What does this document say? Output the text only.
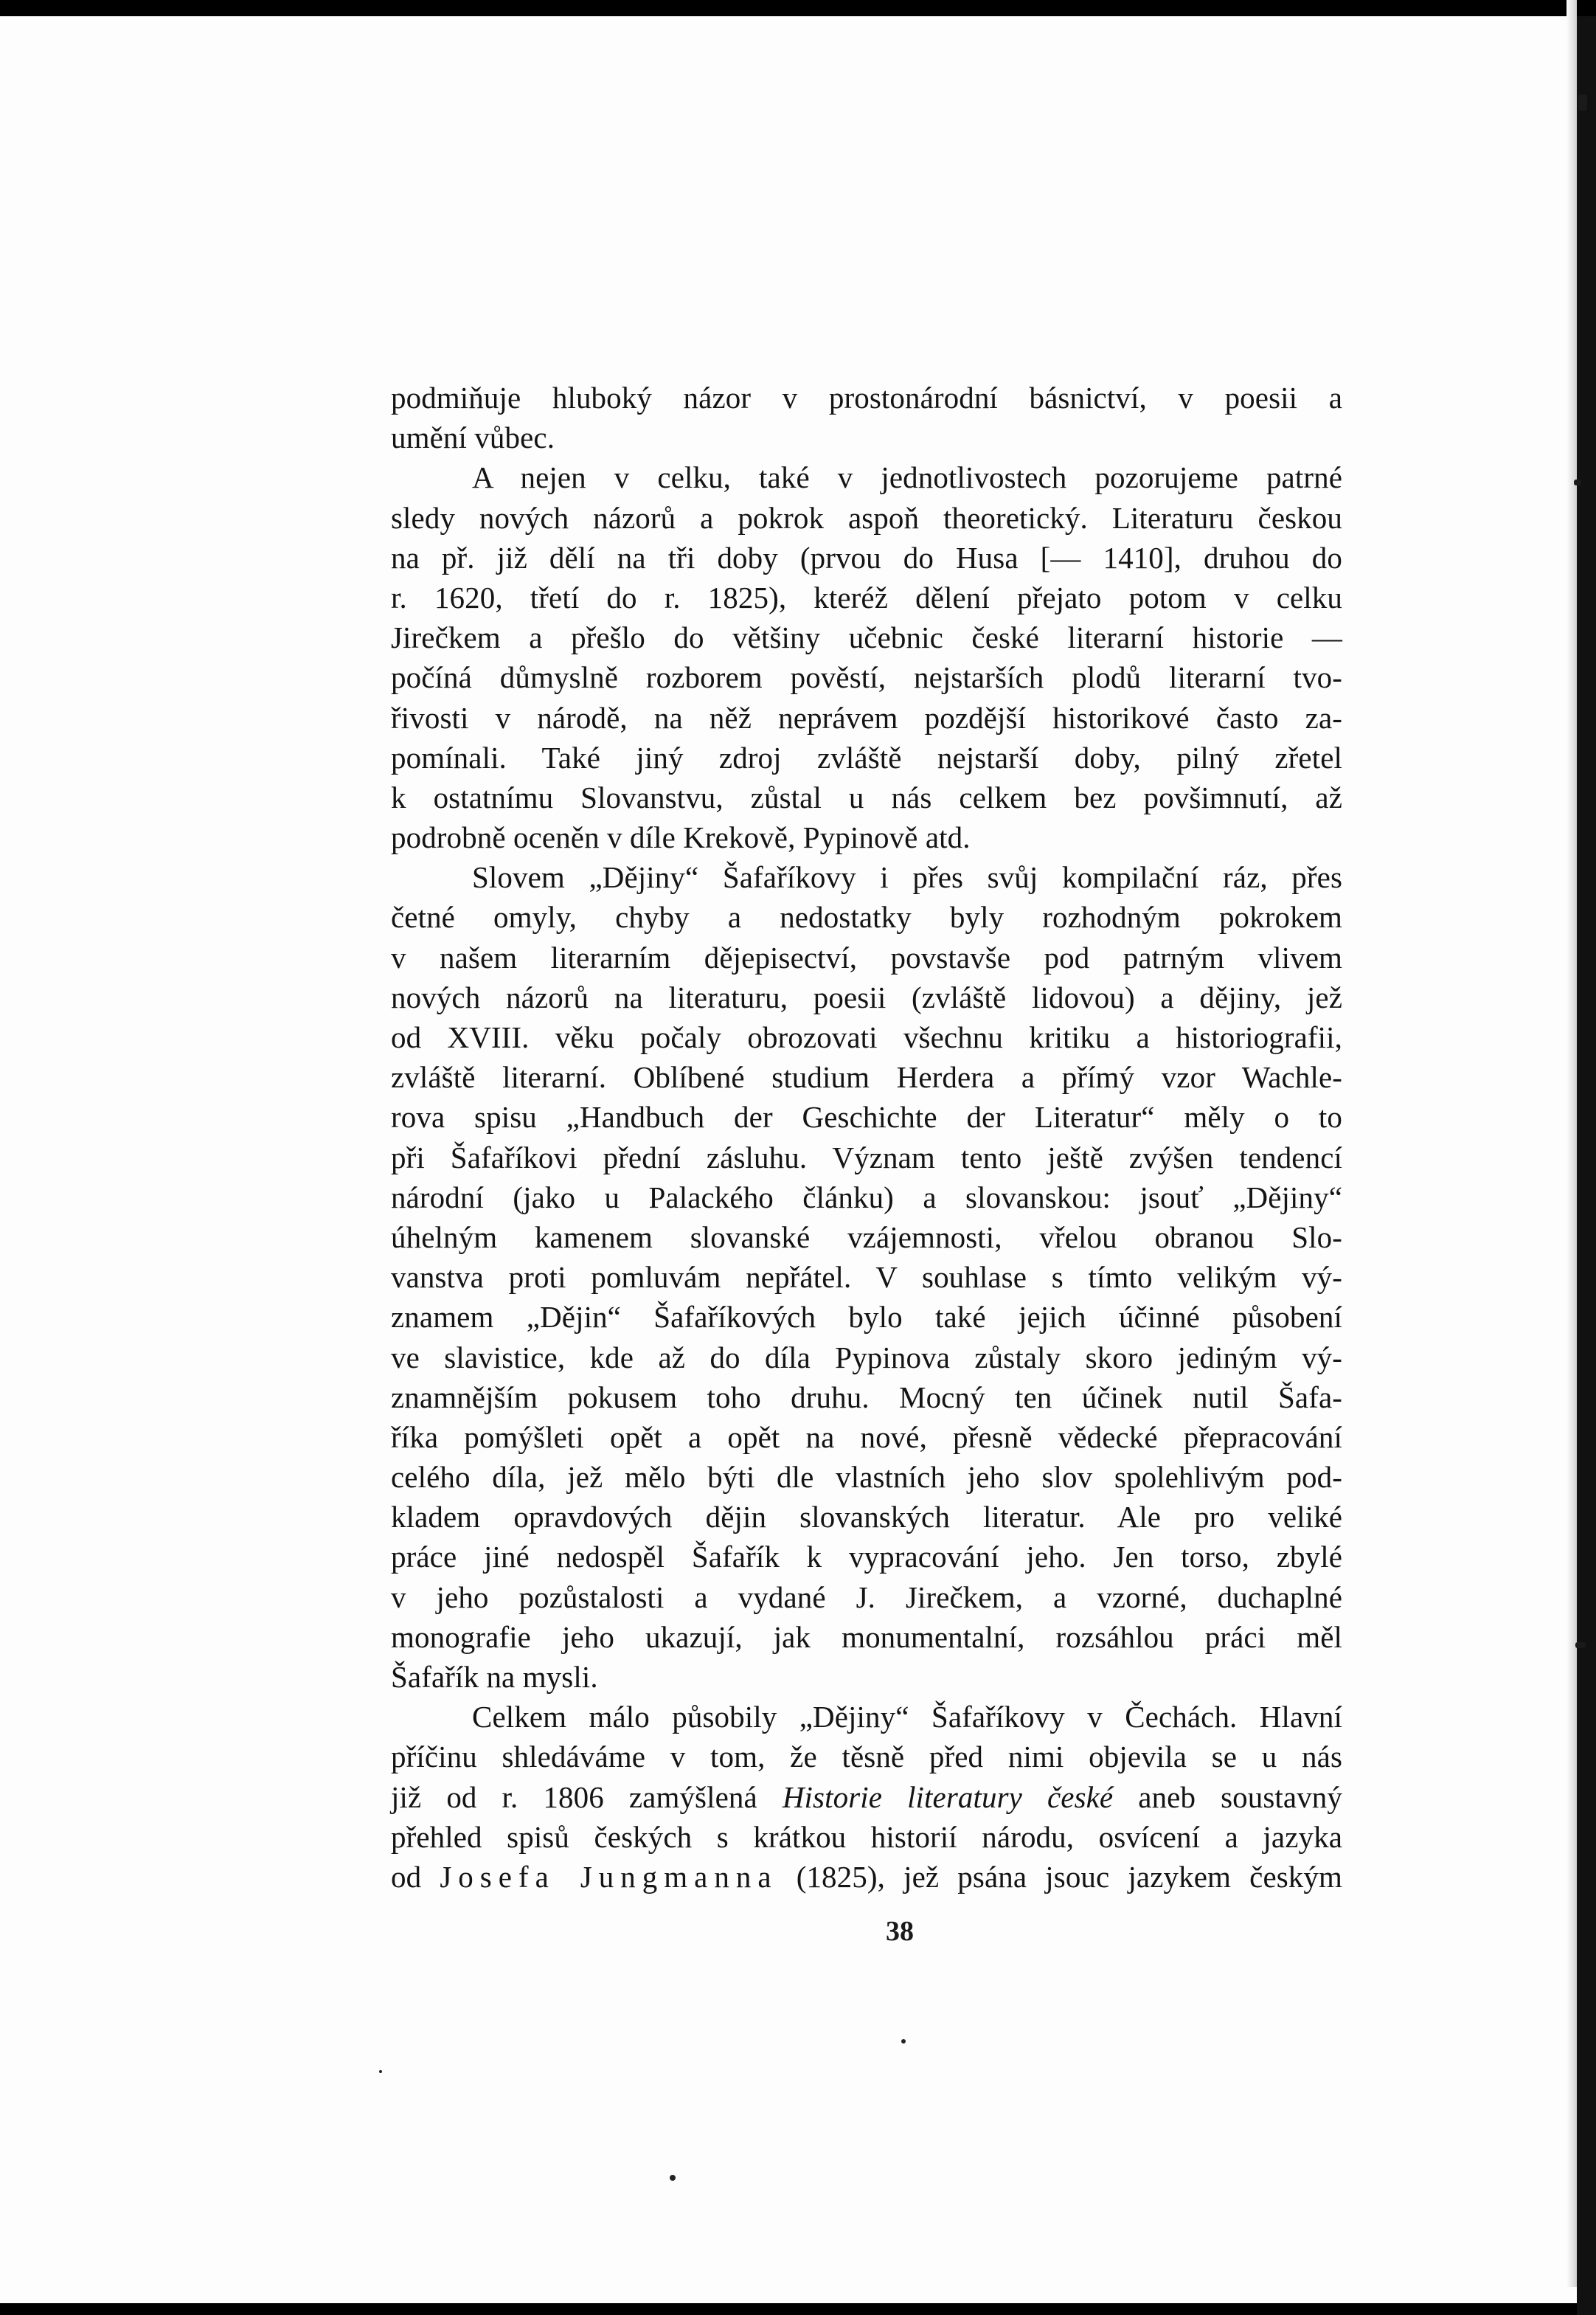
podmiňuje hluboký názor v prostonárodní básnictví, v poesii a
umění vůbec.
A nejen v celku, také v jednotlivostech pozorujeme patrné
sledy nových názorů a pokrok aspoň theoretický. Literaturu českou
na př. již dělí na tři doby (prvou do Husa [— 1410], druhou do
r. 1620, třetí do r. 1825), kteréž dělení přejato potom v celku
Jirečkem a přešlo do většiny učebnic české literarní historie —
počíná důmyslně rozborem pověstí, nejstarších plodů literarní tvo-
řivosti v národě, na něž neprávem pozdější historikové často za-
pomínali. Také jiný zdroj zvláště nejstarší doby, pilný zřetel
k ostatnímu Slovanstvu, zůstal u nás celkem bez povšimnutí, až
podrobně oceněn v díle Krekově, Pypinově atd.
Slovem „Dějiny“ Šafaříkovy i přes svůj kompilační ráz, přes
četné omyly, chyby a nedostatky byly rozhodným pokrokem
v našem literarním dějepisectví, povstavše pod patrným vlivem
nových názorů na literaturu, poesii (zvláště lidovou) a dějiny, jež
od XVIII. věku počaly obrozovati všechnu kritiku a historiografii,
zvláště literarní. Oblíbené studium Herdera a přímý vzor Wachle-
rova spisu „Handbuch der Geschichte der Literatur“ měly o to
při Šafaříkovi přední zásluhu. Význam tento ještě zvýšen tendencí
národní (jako u Palackého článku) a slovanskou: jsouť „Dějiny“
úhelným kamenem slovanské vzájemnosti, vřelou obranou Slo-
vanstva proti pomluvám nepřátel. V souhlase s tímto velikým vý-
znamem „Dějin“ Šafaříkových bylo také jejich účinné působení
ve slavistice, kde až do díla Pypinova zůstaly skoro jediným vý-
znamnějším pokusem toho druhu. Mocný ten účinek nutil Šafa-
říka pomýšleti opět a opět na nové, přesně vědecké přepracování
celého díla, jež mělo býti dle vlastních jeho slov spolehlivým pod-
kladem opravdových dějin slovanských literatur. Ale pro veliké
práce jiné nedospěl Šafařík k vypracování jeho. Jen torso, zbylé
v jeho pozůstalosti a vydané J. Jirečkem, a vzorné, duchaplné
monografie jeho ukazují, jak monumentalní, rozsáhlou práci měl
Šafařík na mysli.
Celkem málo působily „Dějiny“ Šafaříkovy v Čechách. Hlavní
příčinu shledáváme v tom, že těsně před nimi objevila se u nás
již od r. 1806 zamýšlená Historie literatury české aneb soustavný
přehled spisů českých s krátkou historií národu, osvícení a jazyka
od Josefa Jungmanna (1825), jež psána jsouc jazykem českým
38
